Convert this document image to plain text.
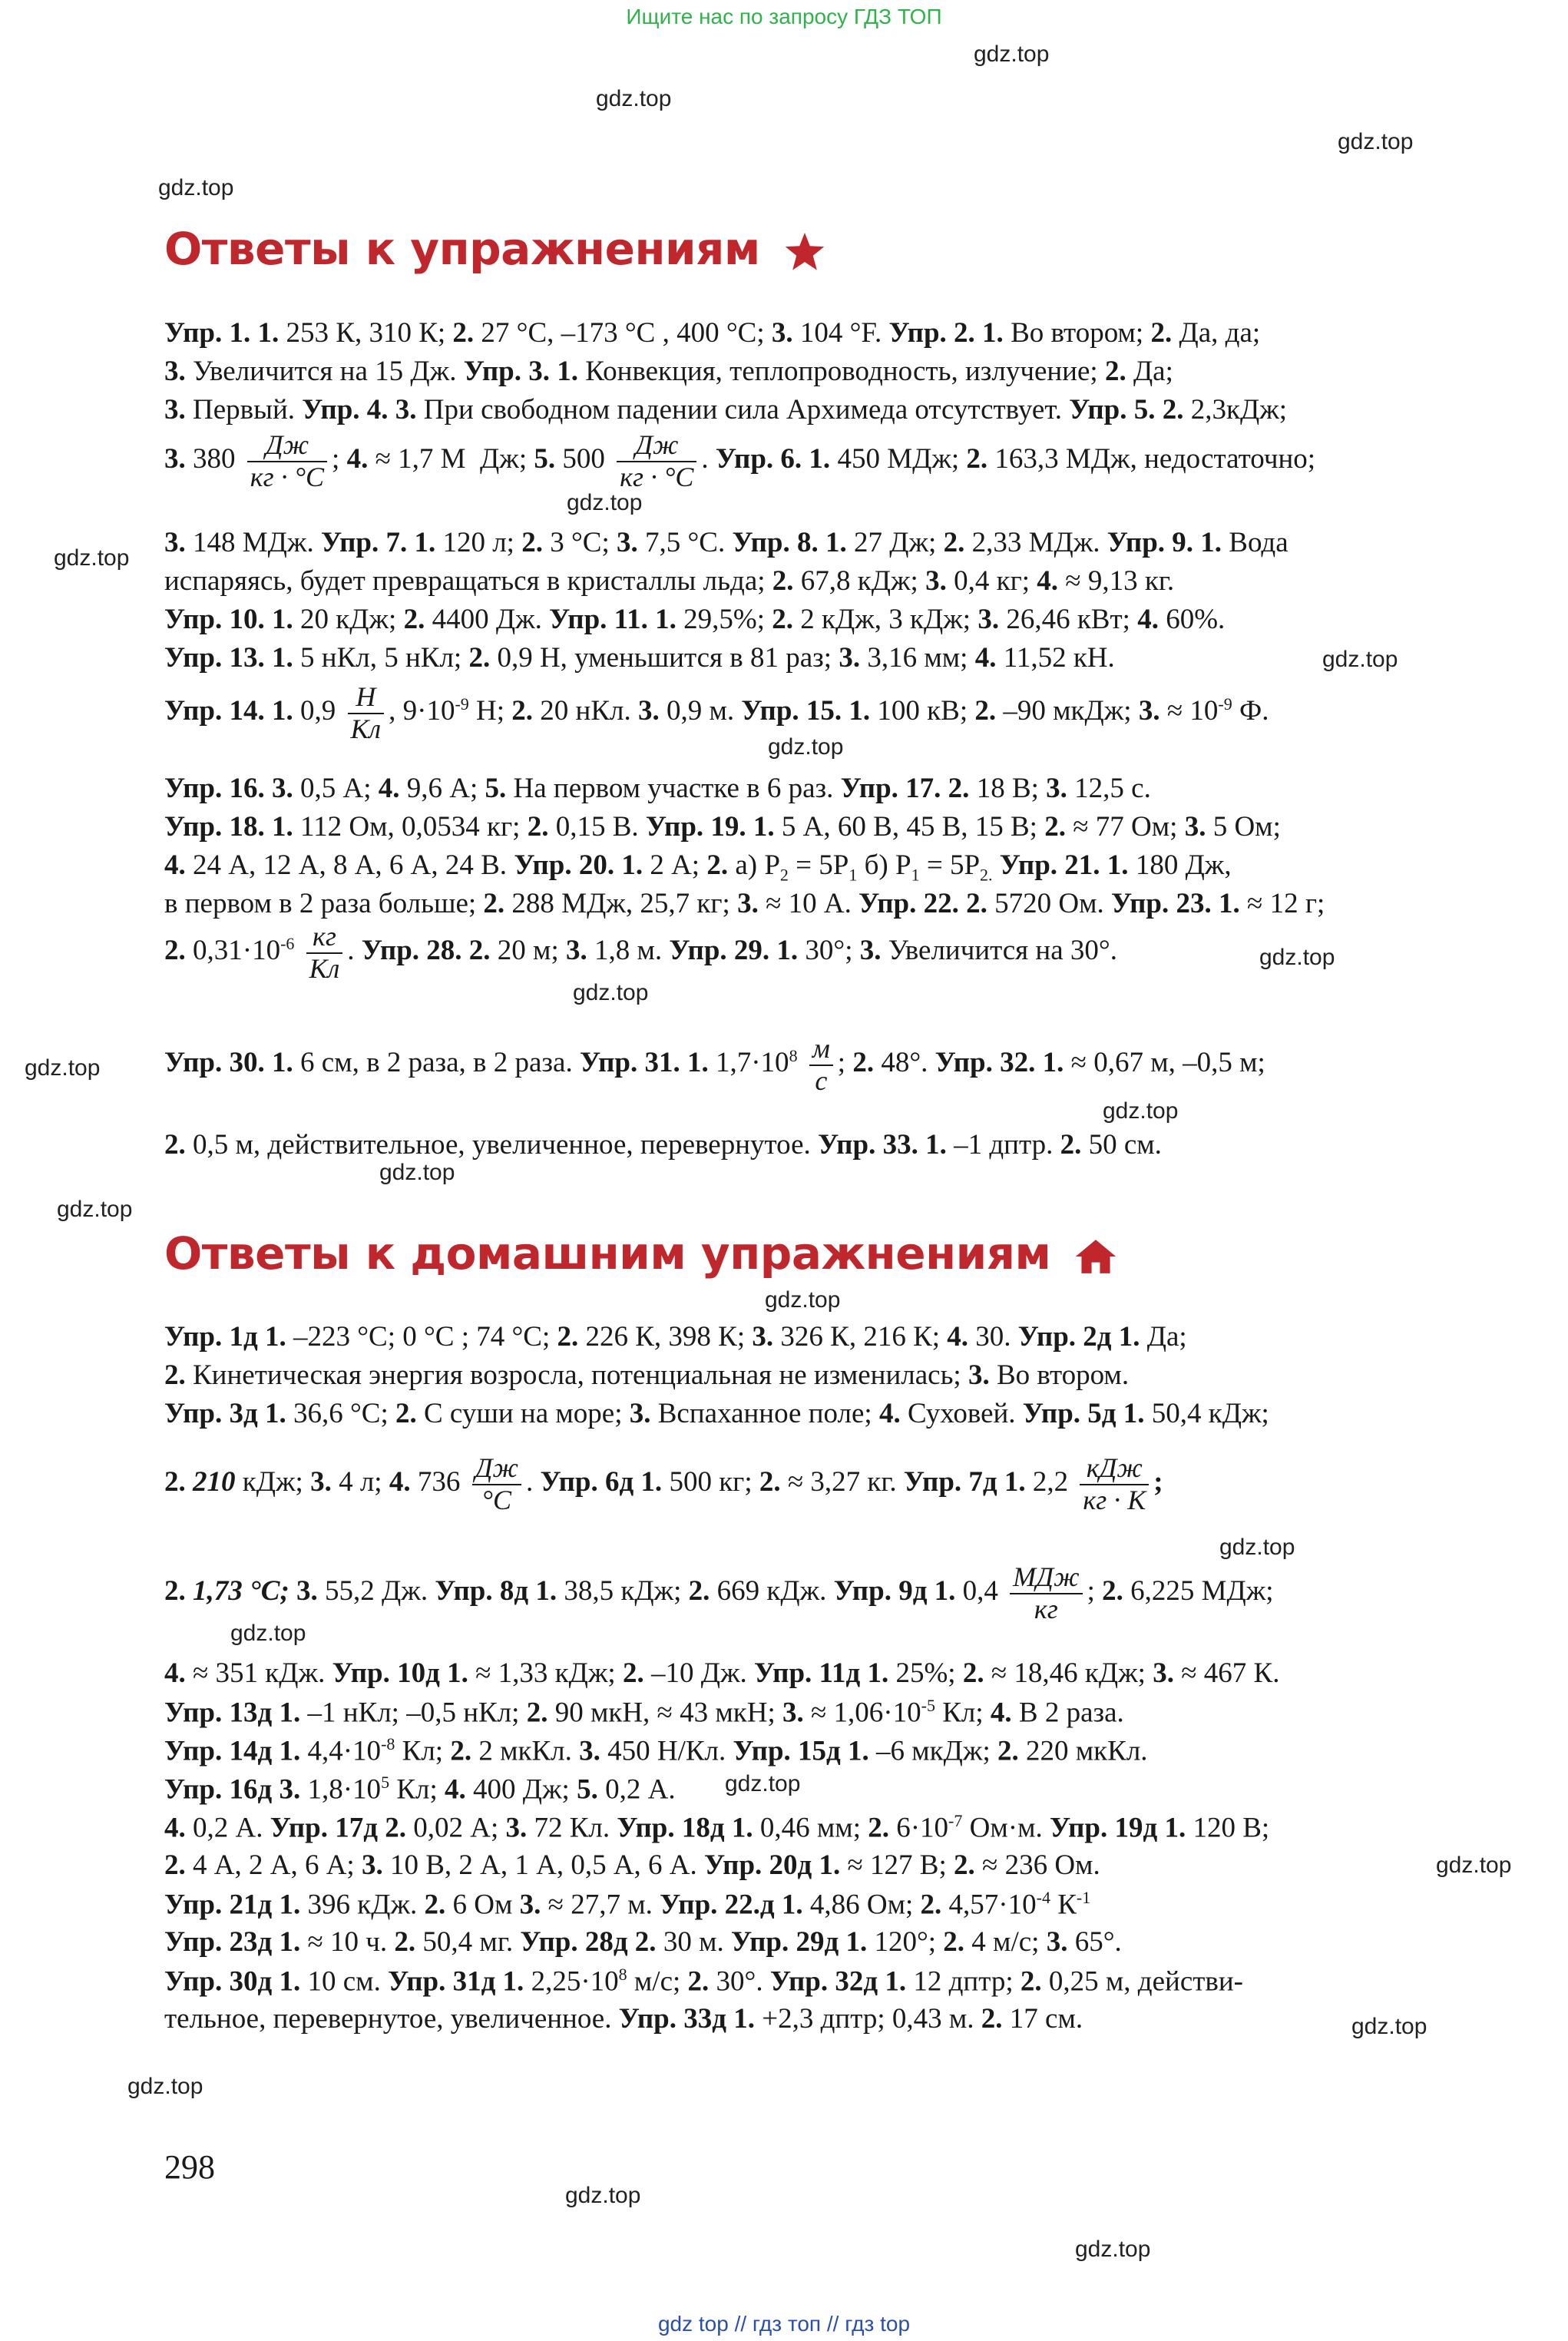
Ищите нас по запросу ГДЗ ТОП
gdz.top
gdz.top
gdz.top
gdz.top
gdz.top
gdz.top
gdz.top
gdz.top
gdz.top
gdz.top
gdz.top
gdz.top
gdz.top
gdz.top
gdz.top
gdz.top
gdz.top
gdz.top
gdz.top
gdz.top
gdz.top
gdz.top
gdz.top
Ответы к упражнениям
Упр. 1. 1. 253 К, 310 К; 2. 27 °С, –173 °С , 400 °С; 3. 104 °F. Упр. 2. 1. Во втором; 2. Да, да;
3. Увеличится на 15 Дж. Упр. 3. 1. Конвекция, теплопроводность, излучение; 2. Да;
3. Первый. Упр. 4. 3. При свободном падении сила Архимеда отсутствует. Упр. 5. 2. 2,3кДж;
3. $380 \frac{Дж}{кг \cdot ^\circ С}$ ; 4. ≈ 1,7 М  Дж; 5. $500 \frac{Дж}{кг \cdot ^\circ С}$ . Упр. 6. 1. 450 МДж; 2. 163,3 МДж, недостаточно;
3. 148 МДж. Упр. 7. 1. 120 л; 2. 3 °С; 3. 7,5 °С. Упр. 8. 1. 27 Дж; 2. 2,33 МДж. Упр. 9. 1. Вода
испаряясь, будет превращаться в кристаллы льда; 2. 67,8 кДж; 3. 0,4 кг; 4. ≈ 9,13 кг.
Упр. 10. 1. 20 кДж; 2. 4400 Дж. Упр. 11. 1. 29,5%; 2. 2 кДж, 3 кДж; 3. 26,46 кВт; 4. 60%.
Упр. 13. 1. 5 нКл, 5 нКл; 2. 0,9 Н, уменьшится в 81 раз; 3. 3,16 мм; 4. 11,52 кН.
Упр. 14. 1. $0,9 \frac{Н}{Кл}$ , $9\cdot 10^{-9}$ Н; 2. 20 нКл. 3. 0,9 м. Упр. 15. 1. 100 кВ; 2. –90 мкДж; 3. ≈ $10^{-9}$ Ф.
Упр. 16. 3. 0,5 А; 4. 9,6 А; 5. На первом участке в 6 раз. Упр. 17. 2. 18 В; 3. 12,5 с.
Упр. 18. 1. 112 Ом, 0,0534 кг; 2. 0,15 В. Упр. 19. 1. 5 А, 60 В, 45 В, 15 В; 2. ≈ 77 Ом; 3. 5 Ом;
4. 24 А, 12 А, 8 А, 6 А, 24 В. Упр. 20. 1. 2 А; 2. а) $P_2 = 5P_1$ б) $P_1 = 5P_{2.}$ Упр. 21. 1. 180 Дж,
в первом в 2 раза больше; 2. 288 МДж, 25,7 кг; 3. ≈ 10 А. Упр. 22. 2. 5720 Ом. Упр. 23. 1. ≈ 12 г;
2. $0,31\cdot 10^{-6} \frac{кг}{Кл}$ . Упр. 28. 2. 20 м; 3. 1,8 м. Упр. 29. 1. 30°; 3. Увеличится на 30°.
Упр. 30. 1. 6 см, в 2 раза, в 2 раза. Упр. 31. 1. $1,7\cdot 10^8 \frac{м}{с}$ ; 2. 48°. Упр. 32. 1. ≈ 0,67 м, –0,5 м;
2. 0,5 м, действительное, увеличенное, перевернутое. Упр. 33. 1. –1 дптр. 2. 50 см.
Ответы к домашним упражнениям
Упр. 1д 1. –223 °С; 0 °С ; 74 °С; 2. 226 К, 398 К; 3. 326 К, 216 К; 4. 30. Упр. 2д 1. Да;
2. Кинетическая энергия возросла, потенциальная не изменилась; 3. Во втором.
Упр. 3д 1. 36,6 °С; 2. С суши на море; 3. Вспаханное поле; 4. Суховей. Упр. 5д 1. 50,4 кДж;
2. 210 кДж; 3. 4 л; 4. $736 \frac{Дж}{^\circ С}$ . Упр. 6д 1. 500 кг; 2. ≈ 3,27 кг. Упр. 7д 1. $2,2 \frac{\text{кДж}}{кг \cdot К}$ ;
2. 1,73 °С; 3. 55,2 Дж. Упр. 8д 1. 38,5 кДж; 2. 669 кДж. Упр. 9д 1. $0,4 \frac{\text{МДж}}{кг}$ ; 2. 6,225 МДж;
4. ≈ 351 кДж. Упр. 10д 1. ≈ 1,33 кДж; 2. –10 Дж. Упр. 11д 1. 25%; 2. ≈ 18,46 кДж; 3. ≈ 467 К.
Упр. 13д 1. –1 нКл; –0,5 нКл; 2. 90 мкН, ≈ 43 мкН; 3. ≈ $1,06\cdot 10^{-5}$ Кл; 4. В 2 раза.
Упр. 14д 1. $4,4\cdot 10^{-8}$ Кл; 2. 2 мкКл. 3. 450 Н/Кл. Упр. 15д 1. –6 мкДж; 2. 220 мкКл.
Упр. 16д 3. $1,8\cdot 10^5$ Кл; 4. 400 Дж; 5. 0,2 А.
4. 0,2 А. Упр. 17д 2. 0,02 А; 3. 72 Кл. Упр. 18д 1. 0,46 мм; 2. $6\cdot 10^{-7}$ Ом·м. Упр. 19д 1. 120 В;
2. 4 А, 2 А, 6 А; 3. 10 В, 2 А, 1 А, 0,5 А, 6 А. Упр. 20д 1. ≈ 127 В; 2. ≈ 236 Ом.
Упр. 21д 1. 396 кДж. 2. 6 Ом 3. ≈ 27,7 м. Упр. 22.д 1. 4,86 Ом; 2. $4,57\cdot 10^{-4}$ $К^{-1}$
Упр. 23д 1. ≈ 10 ч. 2. 50,4 мг. Упр. 28д 2. 30 м. Упр. 29д 1. 120°; 2. 4 м/с; 3. 65°.
Упр. 30д 1. 10 см. Упр. 31д 1. $2,25\cdot 10^8$ м/с; 2. 30°. Упр. 32д 1. 12 дптр; 2. 0,25 м, действи-
тельное, перевернутое, увеличенное. Упр. 33д 1. +2,3 дптр; 0,43 м. 2. 17 см.
298
gdz top // гдз топ // гдз top
